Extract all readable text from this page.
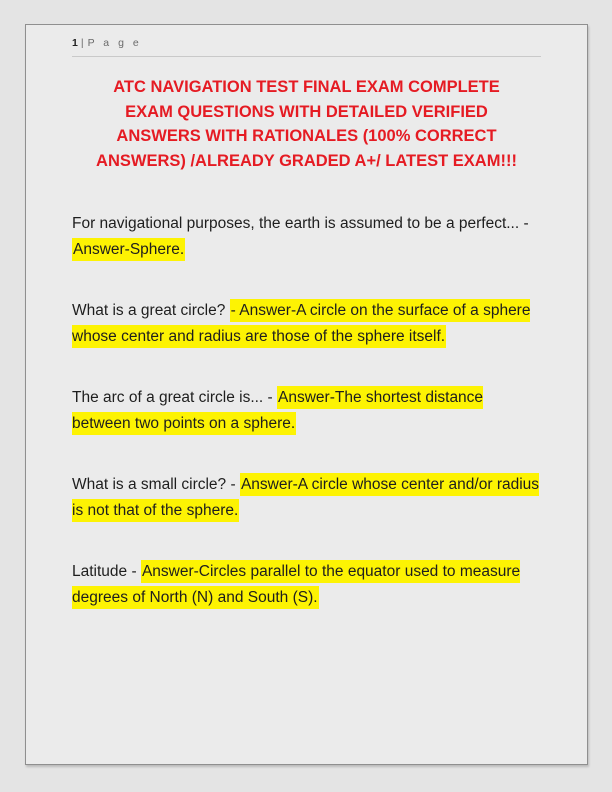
1 | P a g e
ATC NAVIGATION TEST FINAL EXAM COMPLETE
EXAM QUESTIONS WITH DETAILED VERIFIED
ANSWERS WITH RATIONALES (100% CORRECT
ANSWERS) /ALREADY GRADED A+/ LATEST EXAM!!!

For navigational purposes, the earth is assumed to be a perfect... - Answer-Sphere.

What is a great circle? - Answer-A circle on the surface of a sphere whose center and radius are those of the sphere itself.

The arc of a great circle is... - Answer-The shortest distance between two points on a sphere.

What is a small circle? - Answer-A circle whose center and/or radius is not that of the sphere.

Latitude - Answer-Circles parallel to the equator used to measure degrees of North (N) and South (S).
